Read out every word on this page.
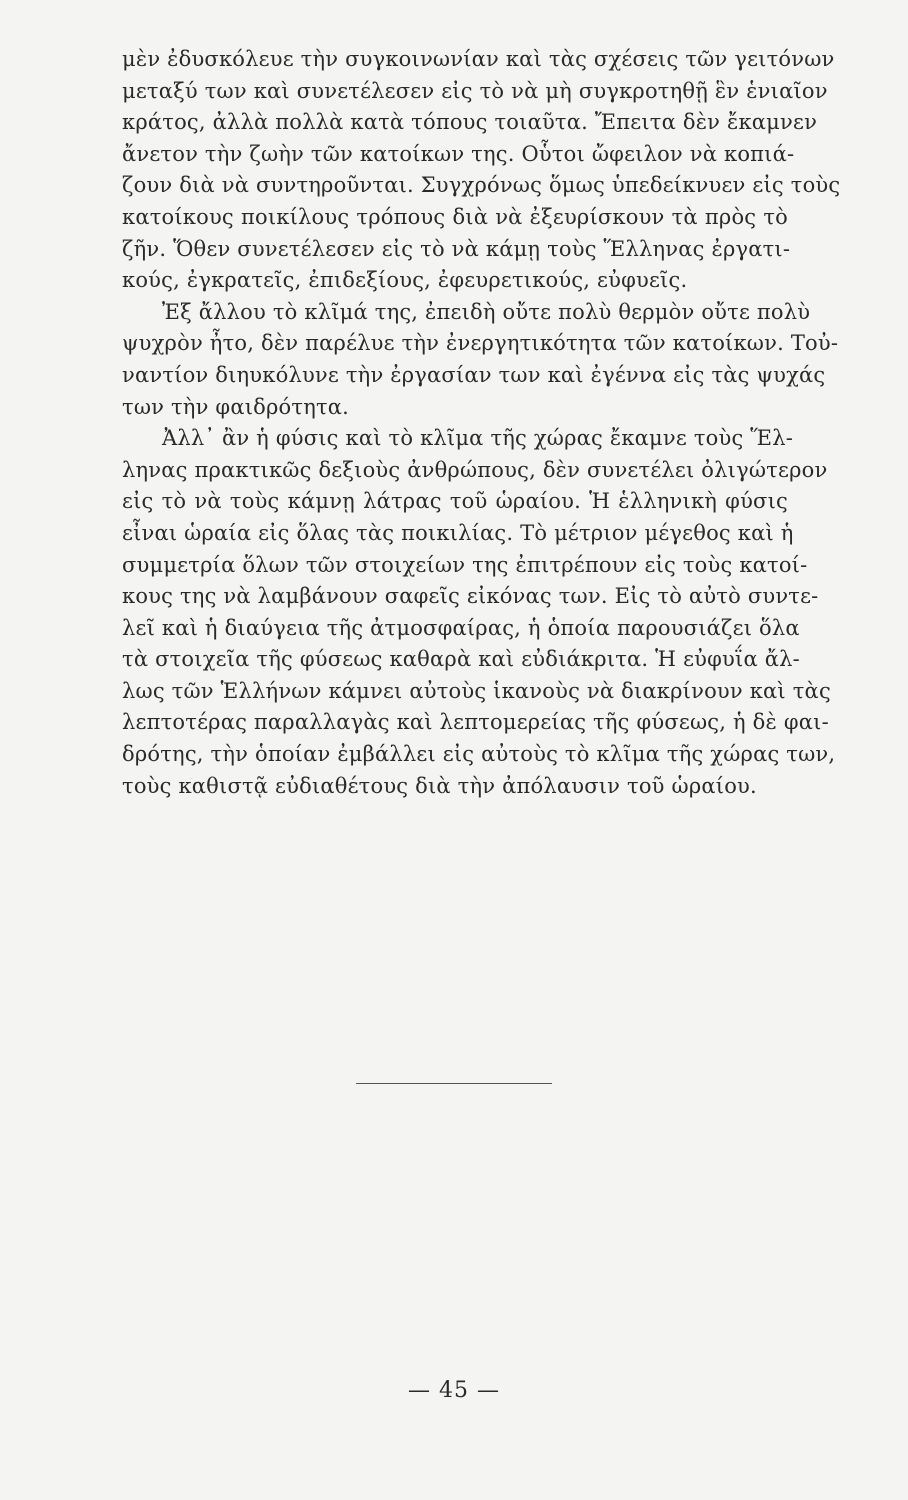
μὲν ἐδυσκόλευε τὴν συγκοινωνίαν καὶ τὰς σχέσεις τῶν γειτόνων
μεταξύ των καὶ συνετέλεσεν εἰς τὸ νὰ μὴ συγκροτηθῇ ἓν ἑνιαῖον
κράτος, ἀλλὰ πολλὰ κατὰ τόπους τοιαῦτα. Ἔπειτα δὲν ἔκαμνεν
ἄνετον τὴν ζωὴν τῶν κατοίκων της. Οὗτοι ὤφειλον νὰ κοπιά-
ζουν διὰ νὰ συντηροῦνται. Συγχρόνως ὅμως ὑπεδείκνυεν εἰς τοὺς
κατοίκους ποικίλους τρόπους διὰ νὰ ἐξευρίσκουν τὰ πρὸς τὸ
ζῆν. Ὅθεν συνετέλεσεν εἰς τὸ νὰ κάμῃ τοὺς Ἕλληνας ἐργατι-
κούς, ἐγκρατεῖς, ἐπιδεξίους, ἐφευρετικούς, εὐφυεῖς.
Ἐξ ἄλλου τὸ κλῖμά της, ἐπειδὴ οὔτε πολὺ θερμὸν οὔτε πολὺ
ψυχρὸν ἦτο, δὲν παρέλυε τὴν ἐνεργητικότητα τῶν κατοίκων. Τοὐ-
ναντίον διηυκόλυνε τὴν ἐργασίαν των καὶ ἐγέννα εἰς τὰς ψυχάς
των τὴν φαιδρότητα.
Ἀλλ᾽ ἂν ἡ φύσις καὶ τὸ κλῖμα τῆς χώρας ἔκαμνε τοὺς Ἕλ-
ληνας πρακτικῶς δεξιοὺς ἀνθρώπους, δὲν συνετέλει ὀλιγώτερον
εἰς τὸ νὰ τοὺς κάμνῃ λάτρας τοῦ ὡραίου. Ἡ ἑλληνικὴ φύσις
εἶναι ὡραία εἰς ὅλας τὰς ποικιλίας. Τὸ μέτριον μέγεθος καὶ ἡ
συμμετρία ὅλων τῶν στοιχείων της ἐπιτρέπουν εἰς τοὺς κατοί-
κους της νὰ λαμβάνουν σαφεῖς εἰκόνας των. Εἰς τὸ αὐτὸ συντε-
λεῖ καὶ ἡ διαύγεια τῆς ἀτμοσφαίρας, ἡ ὁποία παρουσιάζει ὅλα
τὰ στοιχεῖα τῆς φύσεως καθαρὰ καὶ εὐδιάκριτα. Ἡ εὐφυΐα ἄλ-
λως τῶν Ἑλλήνων κάμνει αὐτοὺς ἱκανοὺς νὰ διακρίνουν καὶ τὰς
λεπτοτέρας παραλλαγὰς καὶ λεπτομερείας τῆς φύσεως, ἡ δὲ φαι-
δρότης, τὴν ὁποίαν ἐμβάλλει εἰς αὐτοὺς τὸ κλῖμα τῆς χώρας των,
τοὺς καθιστᾷ εὐδιαθέτους διὰ τὴν ἀπόλαυσιν τοῦ ὡραίου.
— 45 —
